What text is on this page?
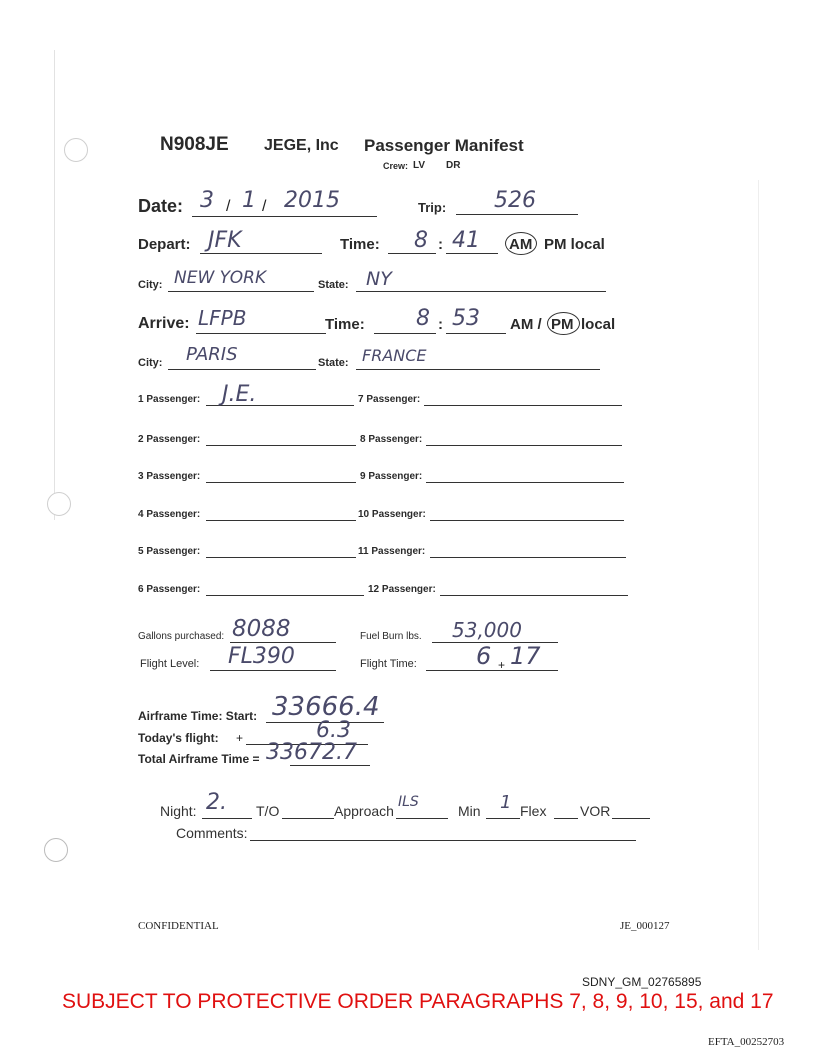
N908JE JEGE, Inc Passenger Manifest
Crew: LV DR
Date: 3 / 1 / 2015	Trip: 526
Depart: JFK	Time: 8 : 41 AM PM local
City: NEW YORK	State: NY
Arrive: LFPB	Time: 8 : 53 AM / PM local
City: PARIS	State: FRANCE
1 Passenger: J.E.	7 Passenger:
2 Passenger:	8 Passenger:
3 Passenger:	9 Passenger:
4 Passenger:	10 Passenger:
5 Passenger:	11 Passenger:
6 Passenger:	12 Passenger:
Gallons purchased: 8088	Fuel Burn lbs. 53,000
Flight Level: FL390	Flight Time: 6 + 17
Airframe Time: Start: 33666.4
Today's flight: +	6.3
Total Airframe Time = 33672.7
Night: 2. T/O	Approach
ILS
Min 1 Flex VOR
Comments:
CONFIDENTIAL	JE_000127
SDNY_GM_02765895
SUBJECT TO PROTECTIVE ORDER PARAGRAPHS 7, 8, 9, 10, 15, and 17
EFTA_00252703
